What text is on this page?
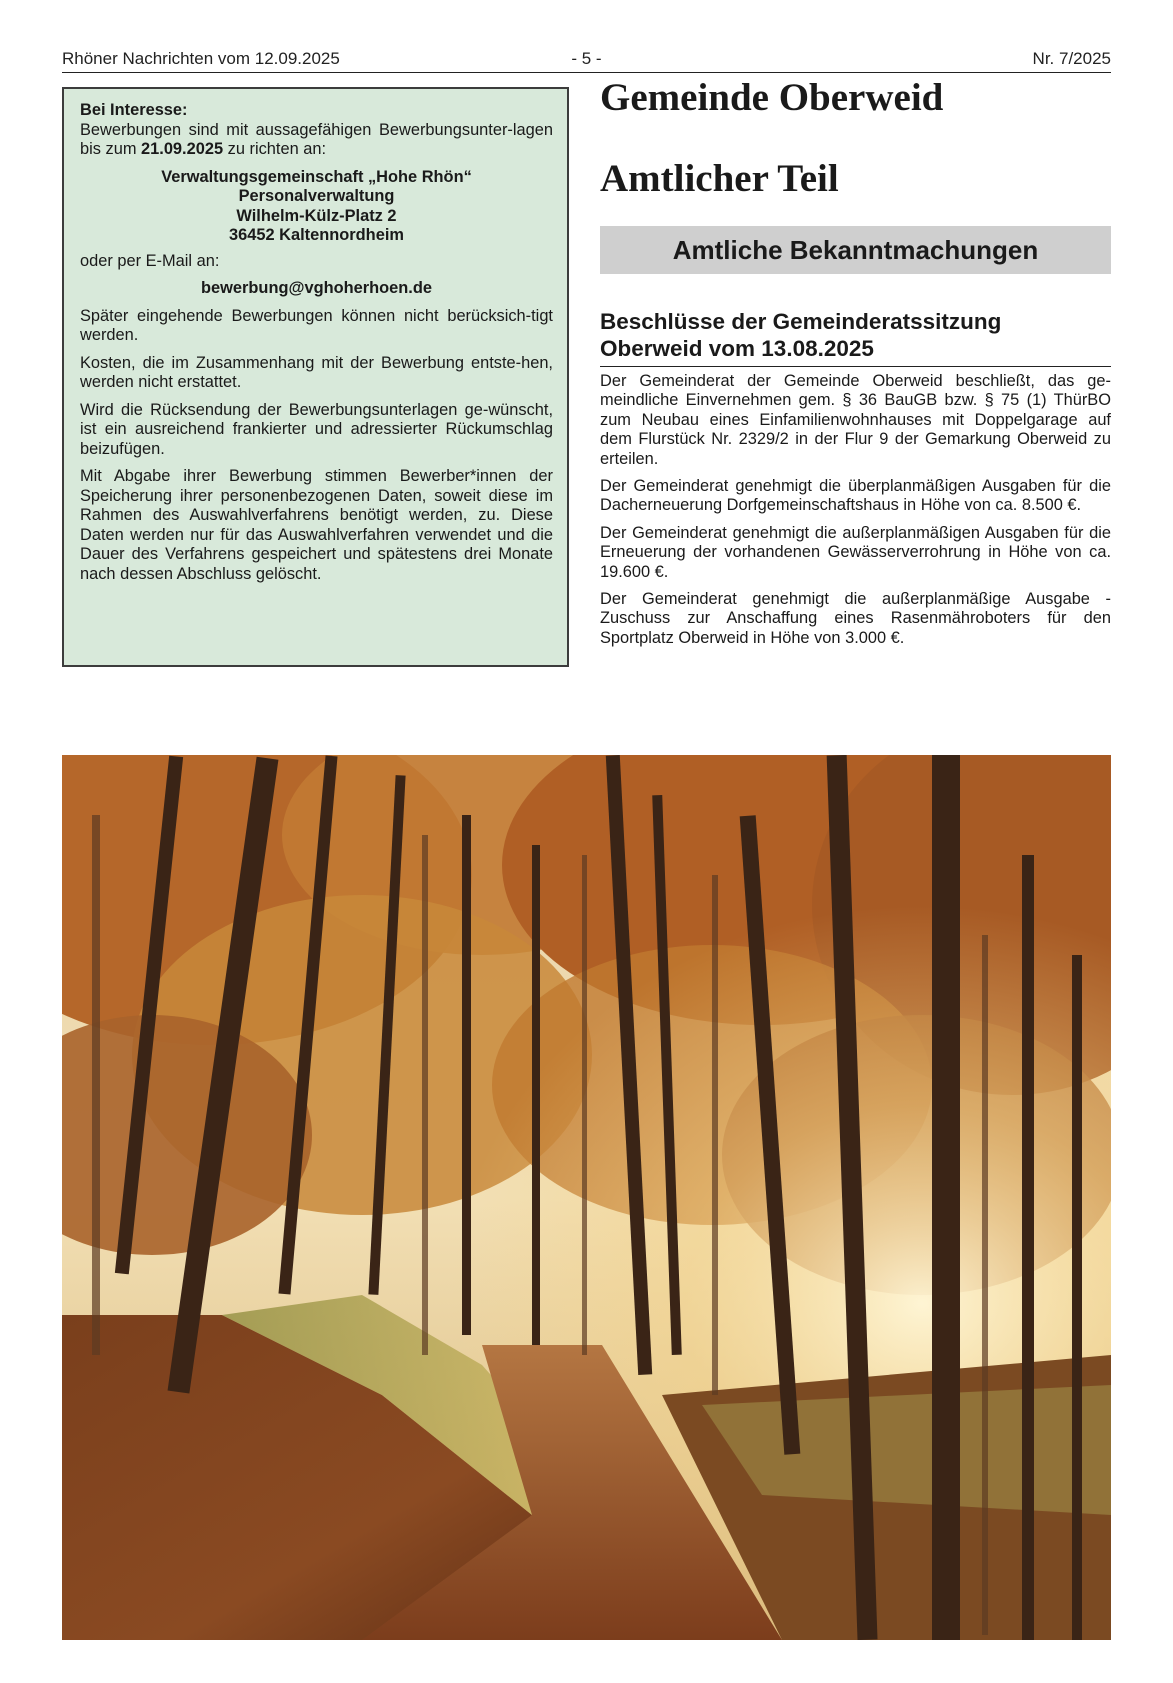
Rhöner Nachrichten vom 12.09.2025	- 5 -	Nr. 7/2025
Bei Interesse:

Bewerbungen sind mit aussagefähigen Bewerbungsunter-lagen bis zum 21.09.2025 zu richten an:

Verwaltungsgemeinschaft „Hohe Rhön“
Personalverwaltung
Wilhelm-Külz-Platz 2
36452 Kaltennordheim

oder per E-Mail an:

bewerbung@vghoherhoen.de

Später eingehende Bewerbungen können nicht berücksich-tigt werden.

Kosten, die im Zusammenhang mit der Bewerbung entste-hen, werden nicht erstattet.

Wird die Rücksendung der Bewerbungsunterlagen ge-wünscht, ist ein ausreichend frankierter und adressierter Rückumschlag beizufügen.

Mit Abgabe ihrer Bewerbung stimmen Bewerber*innen der Speicherung ihrer personenbezogenen Daten, soweit diese im Rahmen des Auswahlverfahrens benötigt werden, zu. Diese Daten werden nur für das Auswahlverfahren verwendet und die Dauer des Verfahrens gespeichert und spätestens drei Monate nach dessen Abschluss gelöscht.

Gemeinde Oberweid
Amtlicher Teil
Amtliche Bekanntmachungen
Beschlüsse der Gemeinderatssitzung
Oberweid vom 13.08.2025

Der Gemeinderat der Gemeinde Oberweid beschließt, das ge-meindliche Einvernehmen gem. § 36 BauGB bzw. § 75 (1) ThürBO zum Neubau eines Einfamilienwohnhauses mit Doppelgarage auf dem Flurstück Nr. 2329/2 in der Flur 9 der Gemarkung Oberweid zu erteilen.

Der Gemeinderat genehmigt die überplanmäßigen Ausgaben für die Dacherneuerung Dorfgemeinschaftshaus in Höhe von ca. 8.500 €.

Der Gemeinderat genehmigt die außerplanmäßigen Ausgaben für die Erneuerung der vorhandenen Gewässerverrohrung in Höhe von ca. 19.600 €.

Der Gemeinderat genehmigt die außerplanmäßige Ausgabe - Zuschuss zur Anschaffung eines Rasenmähroboters für den Sportplatz Oberweid in Höhe von 3.000 €.
